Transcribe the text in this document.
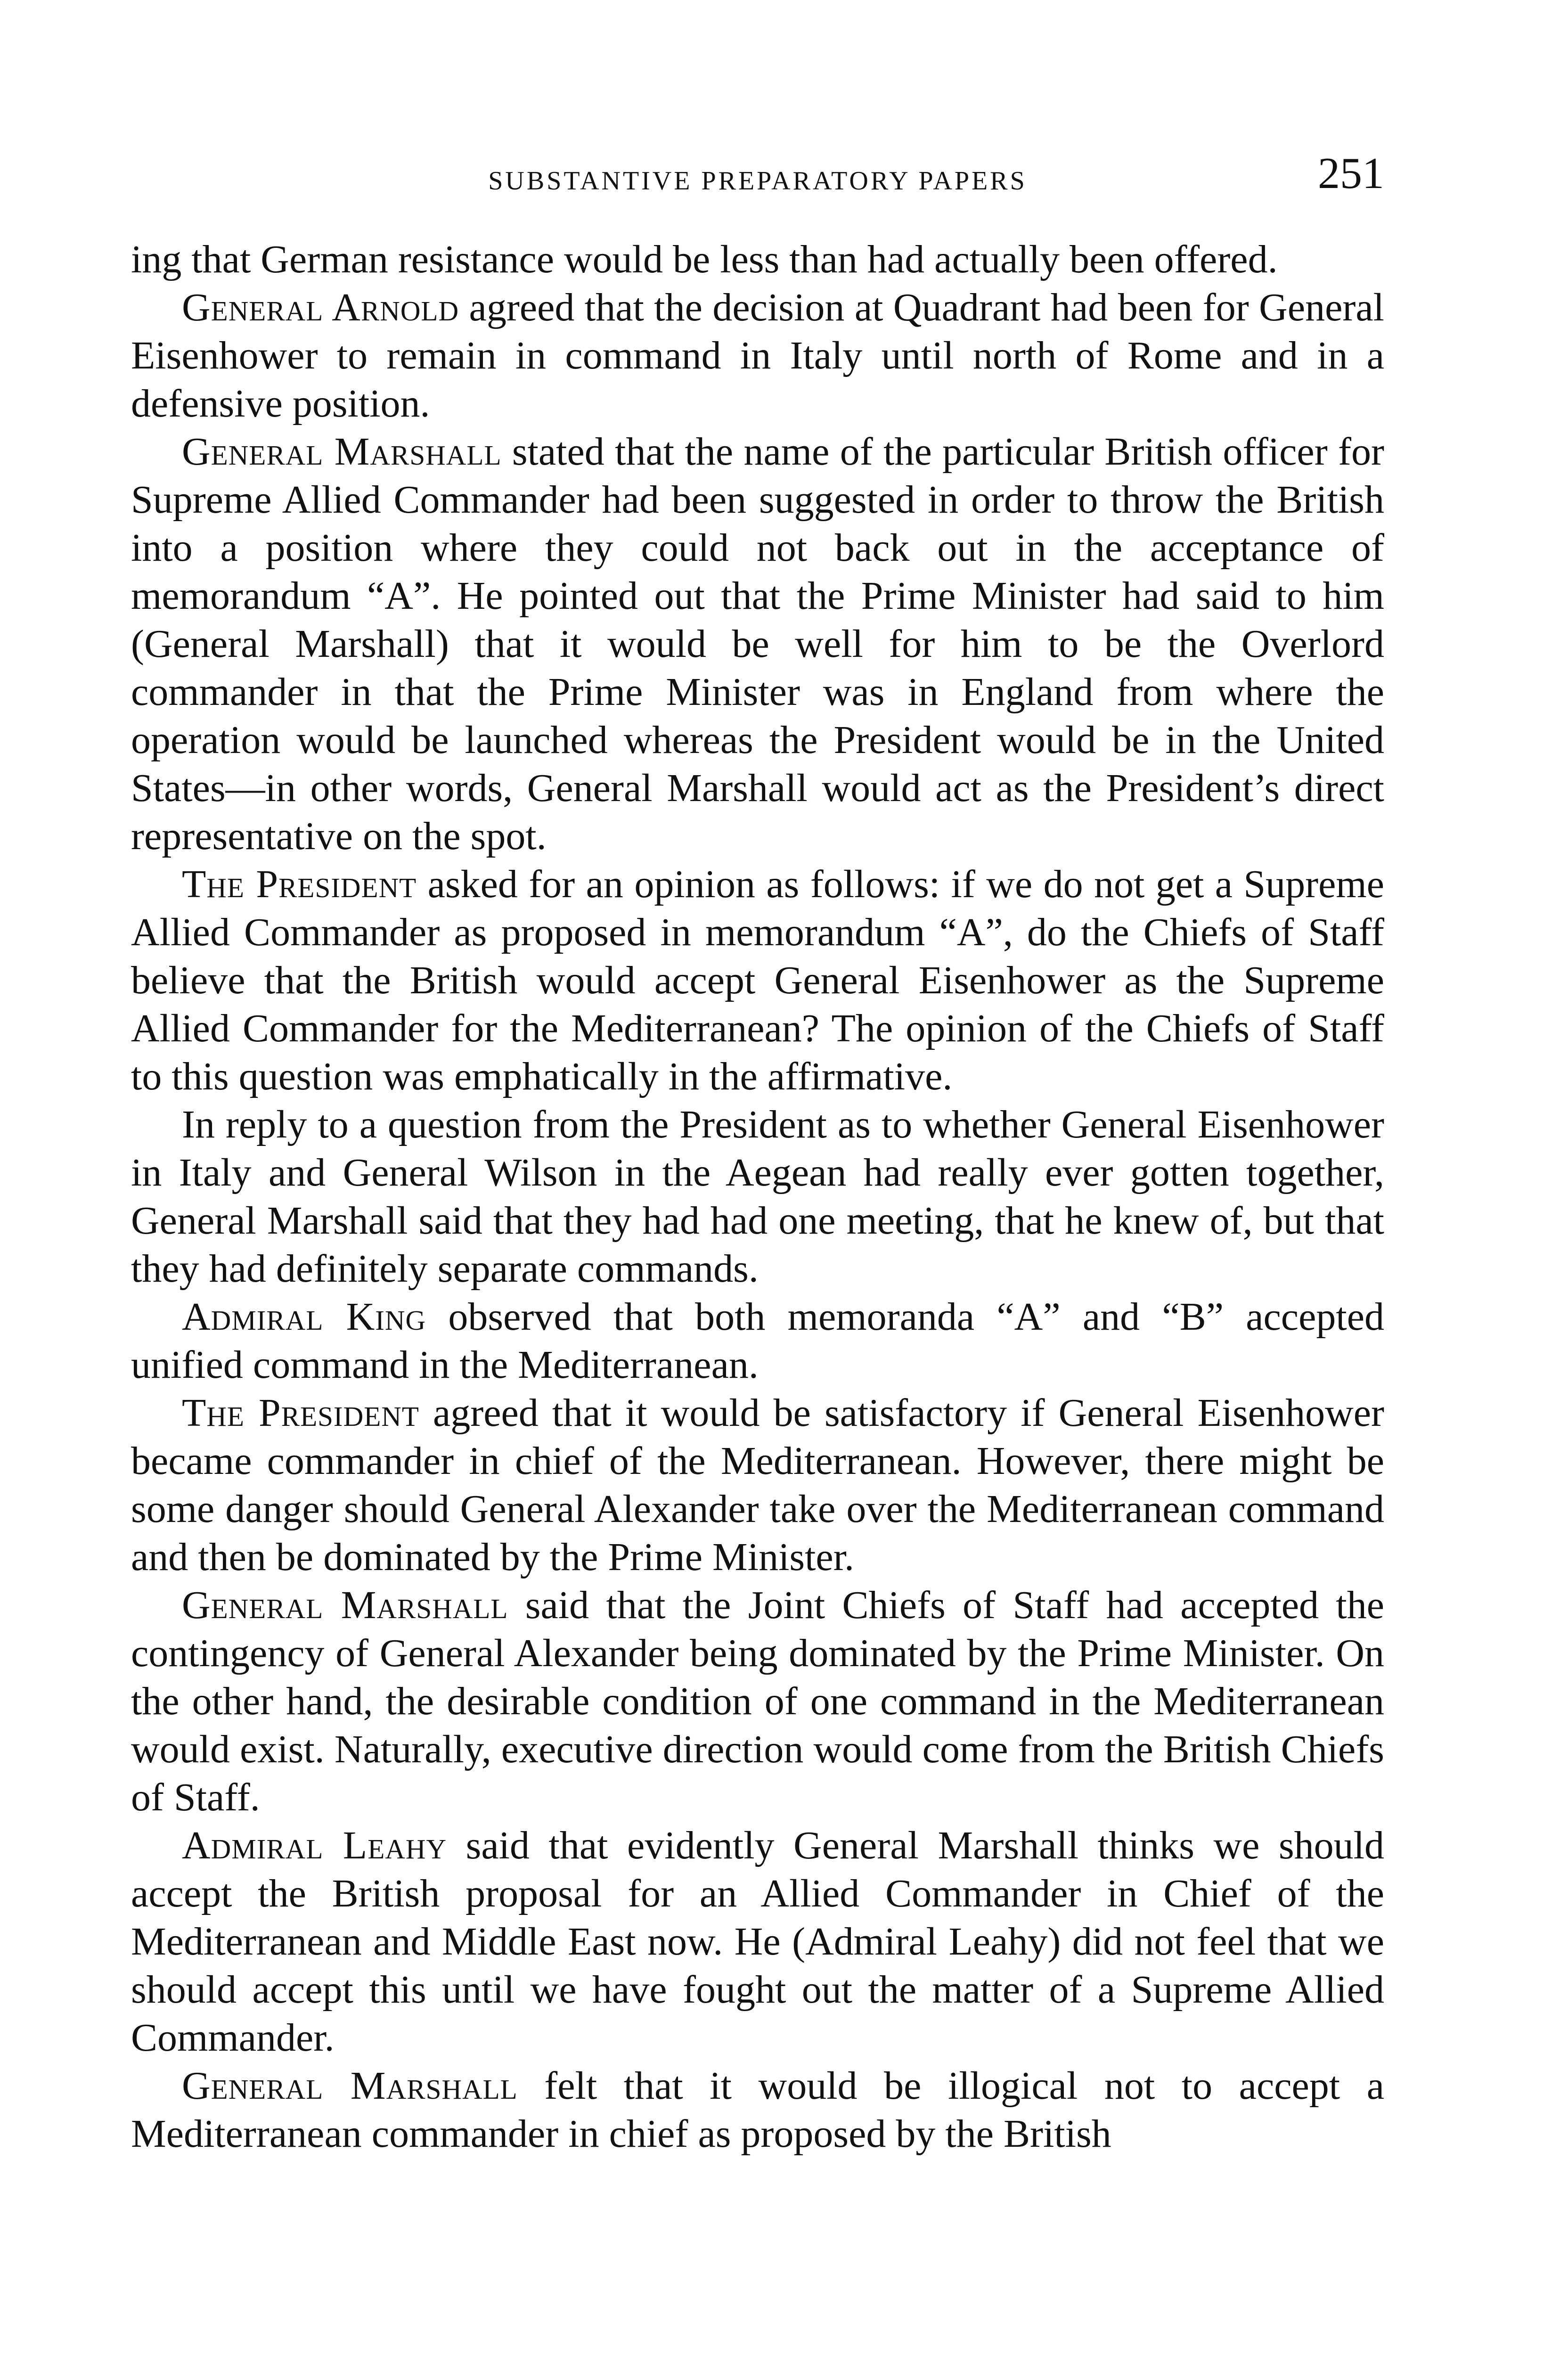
SUBSTANTIVE PREPARATORY PAPERS	251

ing that German resistance would be less than had actually been offered.

General Arnold agreed that the decision at Quadrant had been for General Eisenhower to remain in command in Italy until north of Rome and in a defensive position.

General Marshall stated that the name of the particular British officer for Supreme Allied Commander had been suggested in order to throw the British into a position where they could not back out in the acceptance of memorandum “A”. He pointed out that the Prime Minister had said to him (General Marshall) that it would be well for him to be the Overlord commander in that the Prime Minister was in England from where the operation would be launched whereas the President would be in the United States—in other words, General Marshall would act as the President’s direct representative on the spot.

The President asked for an opinion as follows: if we do not get a Supreme Allied Commander as proposed in memorandum “A”, do the Chiefs of Staff believe that the British would accept General Eisenhower as the Supreme Allied Commander for the Mediterranean? The opinion of the Chiefs of Staff to this question was emphatically in the affirmative.

In reply to a question from the President as to whether General Eisenhower in Italy and General Wilson in the Aegean had really ever gotten together, General Marshall said that they had had one meeting, that he knew of, but that they had definitely separate commands.

Admiral King observed that both memoranda “A” and “B” accepted unified command in the Mediterranean.

The President agreed that it would be satisfactory if General Eisenhower became commander in chief of the Mediterranean. However, there might be some danger should General Alexander take over the Mediterranean command and then be dominated by the Prime Minister.

General Marshall said that the Joint Chiefs of Staff had accepted the contingency of General Alexander being dominated by the Prime Minister. On the other hand, the desirable condition of one command in the Mediterranean would exist. Naturally, executive direction would come from the British Chiefs of Staff.

Admiral Leahy said that evidently General Marshall thinks we should accept the British proposal for an Allied Commander in Chief of the Mediterranean and Middle East now. He (Admiral Leahy) did not feel that we should accept this until we have fought out the matter of a Supreme Allied Commander.

General Marshall felt that it would be illogical not to accept a Mediterranean commander in chief as proposed by the British
